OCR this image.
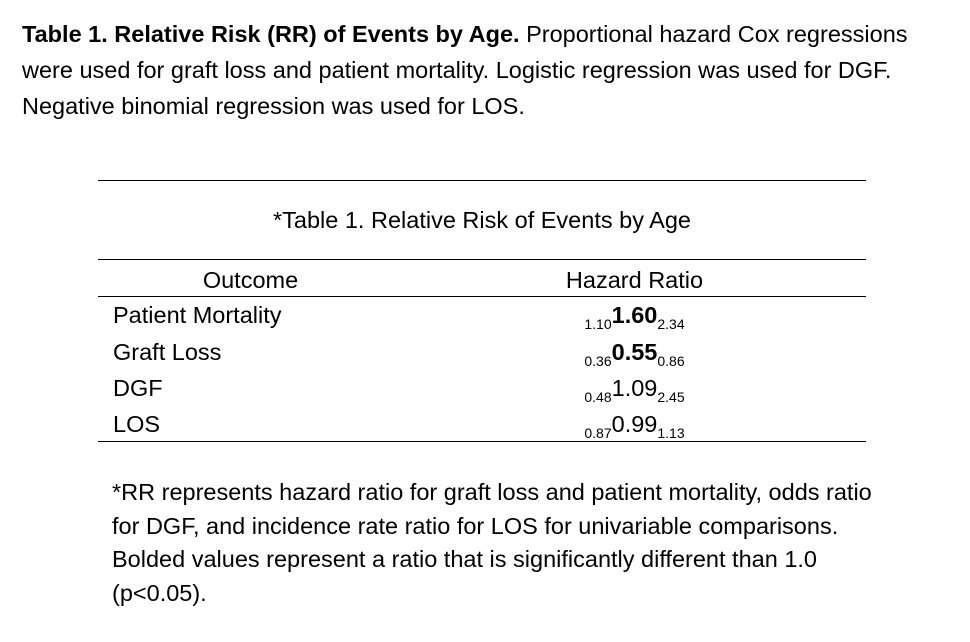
Table 1. Relative Risk (RR) of Events by Age. Proportional hazard Cox regressions were used for graft loss and patient mortality. Logistic regression was used for DGF. Negative binomial regression was used for LOS.
*Table 1. Relative Risk of Events by Age
Outcome	Hazard Ratio
Patient Mortality	$_{1.10}1.60_{2.34}$
Graft Loss	$_{0.36}0.55_{0.86}$
DGF	$_{0.48}1.09_{2.45}$
LOS	$_{0.87}0.99_{1.13}$
*RR represents hazard ratio for graft loss and patient mortality, odds ratio for DGF, and incidence rate ratio for LOS for univariable comparisons. Bolded values represent a ratio that is significantly different than 1.0 (p<0.05).
